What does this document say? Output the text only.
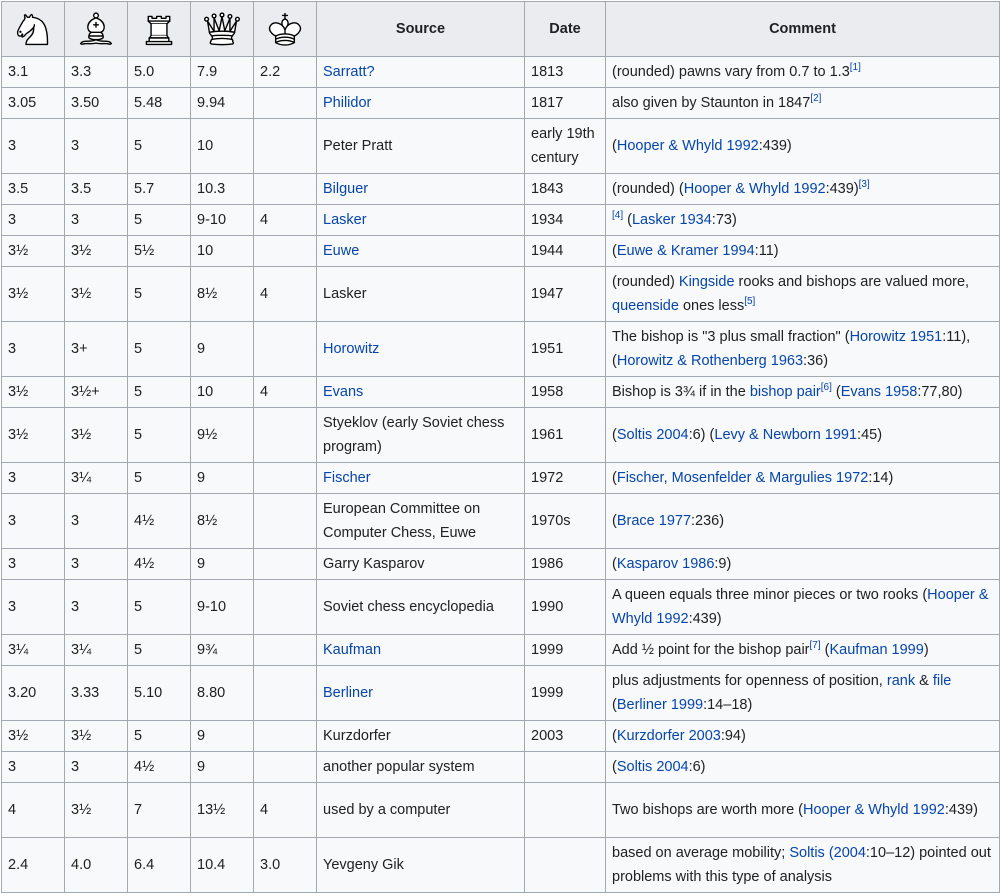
	Source	Date	Comment
3.1	3.3	5.0	7.9	2.2	Sarratt?	1813	(rounded) pawns vary from 0.7 to 1.3[1]
3.05	3.50	5.48	9.94		Philidor	1817	also given by Staunton in 1847[2]
3	3	5	10		Peter Pratt	early 19th century	(Hooper & Whyld 1992:439)
3.5	3.5	5.7	10.3		Bilguer	1843	(rounded) (Hooper & Whyld 1992:439)[3]
3	3	5	9-10	4	Lasker	1934	[4] (Lasker 1934:73)
3½	3½	5½	10		Euwe	1944	(Euwe & Kramer 1994:11)
3½	3½	5	8½	4	Lasker	1947	(rounded) Kingside rooks and bishops are valued more, queenside ones less[5]
3	3+	5	9		Horowitz	1951	The bishop is "3 plus small fraction" (Horowitz 1951:11), (Horowitz & Rothenberg 1963:36)
3½	3½+	5	10	4	Evans	1958	Bishop is 3¾ if in the bishop pair[6] (Evans 1958:77,80)
3½	3½	5	9½		Styeklov (early Soviet chess program)	1961	(Soltis 2004:6) (Levy & Newborn 1991:45)
3	3¼	5	9		Fischer	1972	(Fischer, Mosenfelder & Margulies 1972:14)
3	3	4½	8½		European Committee on Computer Chess, Euwe	1970s	(Brace 1977:236)
3	3	4½	9		Garry Kasparov	1986	(Kasparov 1986:9)
3	3	5	9-10		Soviet chess encyclopedia	1990	A queen equals three minor pieces or two rooks (Hooper & Whyld 1992:439)
3¼	3¼	5	9¾		Kaufman	1999	Add ½ point for the bishop pair[7] (Kaufman 1999)
3.20	3.33	5.10	8.80		Berliner	1999	plus adjustments for openness of position, rank & file (Berliner 1999:14–18)
3½	3½	5	9		Kurzdorfer	2003	(Kurzdorfer 2003:94)
3	3	4½	9		another popular system		(Soltis 2004:6)
4	3½	7	13½	4	used by a computer		Two bishops are worth more (Hooper & Whyld 1992:439)
2.4	4.0	6.4	10.4	3.0	Yevgeny Gik		based on average mobility; Soltis (2004:10–12) pointed out problems with this type of analysis
